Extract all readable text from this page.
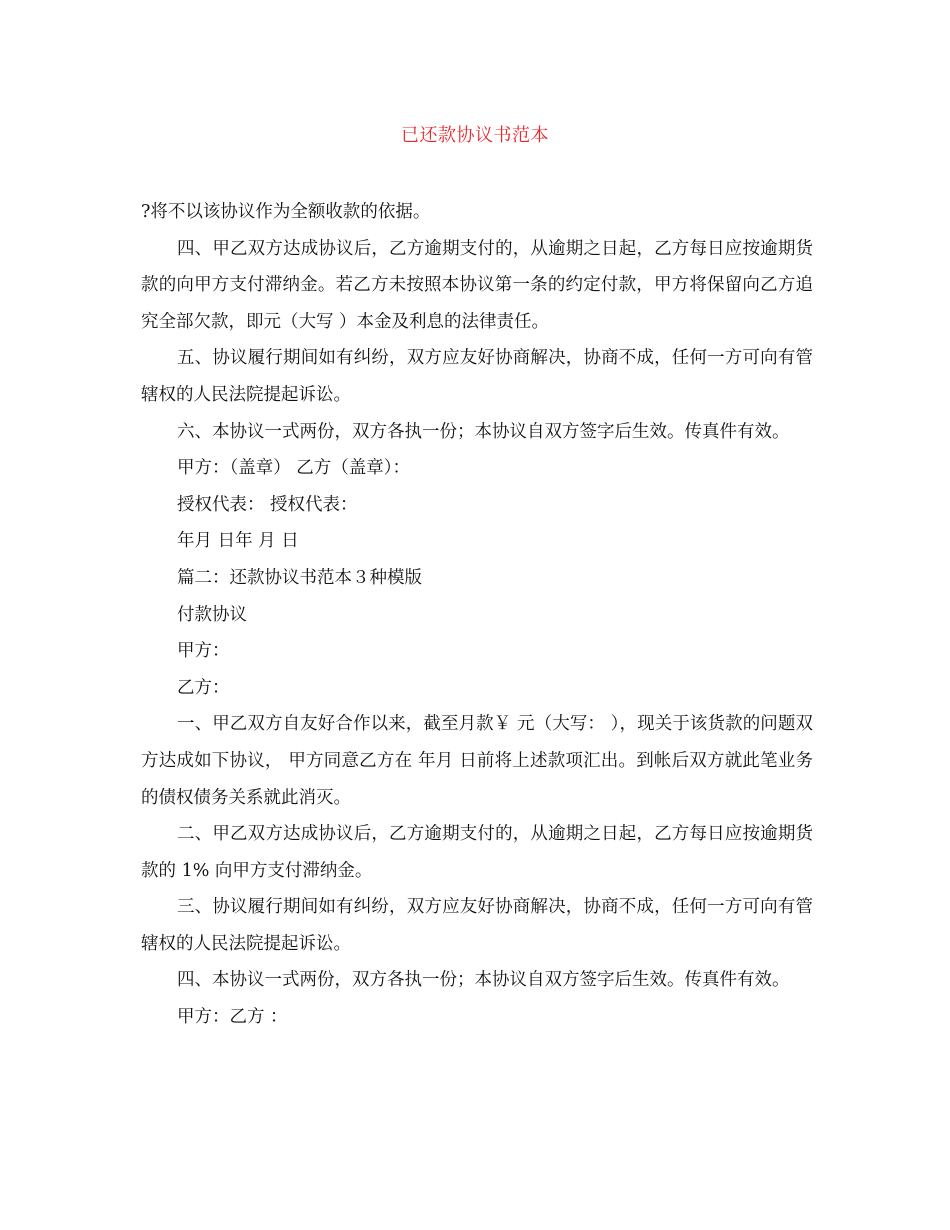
已还款协议书范本

?将不以该协议作为全额收款的依据。

四、甲乙双方达成协议后，乙方逾期支付的，从逾期之日起，乙方每日应按逾期货款的向甲方支付滞纳金。若乙方未按照本协议第一条的约定付款，甲方将保留向乙方追究全部欠款，即元（大写 ）本金及利息的法律责任。

五、协议履行期间如有纠纷，双方应友好协商解决，协商不成，任何一方可向有管辖权的人民法院提起诉讼。

六、本协议一式两份，双方各执一份；本协议自双方签字后生效。传真件有效。

甲方：（盖章） 乙方（盖章）：

授权代表： 授权代表：

年月 日年 月 日

篇二：还款协议书范本３种模版

付款协议

甲方：

乙方：

一、甲乙双方自友好合作以来，截至月款￥ 元（大写： ），现关于该货款的问题双方达成如下协议， 甲方同意乙方在 年月 日前将上述款项汇出。到帐后双方就此笔业务的债权债务关系就此消灭。

二、甲乙双方达成协议后，乙方逾期支付的，从逾期之日起，乙方每日应按逾期货款的 1% 向甲方支付滞纳金。

三、协议履行期间如有纠纷，双方应友好协商解决，协商不成，任何一方可向有管辖权的人民法院提起诉讼。

四、本协议一式两份，双方各执一份；本协议自双方签字后生效。传真件有效。

甲方：乙方 ：
